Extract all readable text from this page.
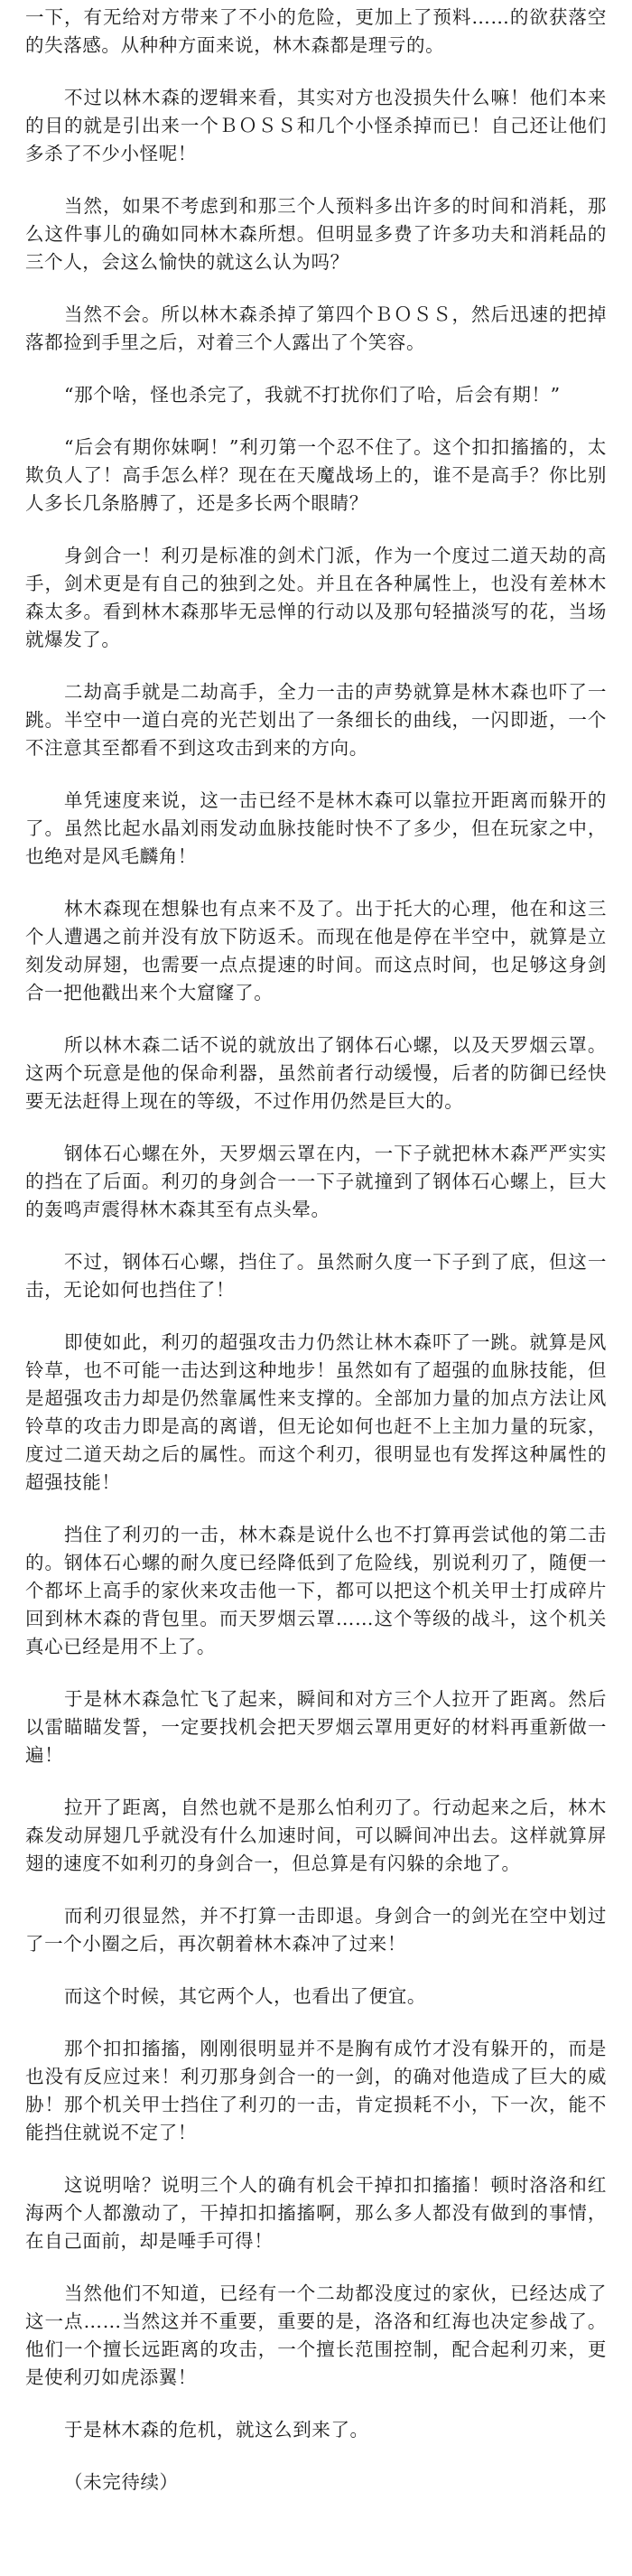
一下，有无给对方带来了不小的危险，更加上了预料……的欲获落空的失落感。从种种方面来说，林木森都是理亏的。

不过以林木森的逻辑来看，其实对方也没损失什么嘛！他们本来的目的就是引出来一个ＢＯＳＳ和几个小怪杀掉而已！自己还让他们多杀了不少小怪呢！

当然，如果不考虑到和那三个人预料多出许多的时间和消耗，那么这件事儿的确如同林木森所想。但明显多费了许多功夫和消耗品的三个人，会这么愉快的就这么认为吗？

当然不会。所以林木森杀掉了第四个ＢＯＳＳ，然后迅速的把掉落都捡到手里之后，对着三个人露出了个笑容。

“那个啥，怪也杀完了，我就不打扰你们了哈，后会有期！”

“后会有期你妹啊！”利刃第一个忍不住了。这个扣扣搐搐的，太欺负人了！高手怎么样？现在在天魔战场上的，谁不是高手？你比别人多长几条胳膊了，还是多长两个眼睛？

身剑合一！利刃是标准的剑术门派，作为一个度过二道天劫的高手，剑术更是有自己的独到之处。并且在各种属性上，也没有差林木森太多。看到林木森那毕无忌惮的行动以及那句轻描淡写的花，当场就爆发了。

二劫高手就是二劫高手，全力一击的声势就算是林木森也吓了一跳。半空中一道白亮的光芒划出了一条细长的曲线，一闪即逝，一个不注意其至都看不到这攻击到来的方向。

单凭速度来说，这一击已经不是林木森可以靠拉开距离而躲开的了。虽然比起水晶刘雨发动血脉技能时快不了多少，但在玩家之中，也绝对是风毛麟角！

林木森现在想躲也有点来不及了。出于托大的心理，他在和这三个人遭遇之前并没有放下防返禾。而现在他是停在半空中，就算是立刻发动屏翅，也需要一点点提速的时间。而这点时间，也足够这身剑合一把他戳出来个大窟窿了。

所以林木森二话不说的就放出了钢体石心螺，以及天罗烟云罩。这两个玩意是他的保命利器，虽然前者行动缓慢，后者的防御已经快要无法赶得上现在的等级，不过作用仍然是巨大的。

钢体石心螺在外，天罗烟云罩在内，一下子就把林木森严严实实的挡在了后面。利刃的身剑合一一下子就撞到了钢体石心螺上，巨大的轰鸣声震得林木森其至有点头晕。

不过，钢体石心螺，挡住了。虽然耐久度一下子到了底，但这一击，无论如何也挡住了！

即使如此，利刃的超强攻击力仍然让林木森吓了一跳。就算是风铃草，也不可能一击达到这种地步！虽然如有了超强的血脉技能，但是超强攻击力却是仍然靠属性来支撑的。全部加力量的加点方法让风铃草的攻击力即是高的离谱，但无论如何也赶不上主加力量的玩家，度过二道天劫之后的属性。而这个利刃，很明显也有发挥这种属性的超强技能！

挡住了利刃的一击，林木森是说什么也不打算再尝试他的第二击的。钢体石心螺的耐久度已经降低到了危险线，别说利刃了，随便一个都坏上高手的家伙来攻击他一下，都可以把这个机关甲士打成碎片回到林木森的背包里。而天罗烟云罩……这个等级的战斗，这个机关真心已经是用不上了。

于是林木森急忙飞了起来，瞬间和对方三个人拉开了距离。然后以雷瞄瞄发誓，一定要找机会把天罗烟云罩用更好的材料再重新做一遍！

拉开了距离，自然也就不是那么怕利刃了。行动起来之后，林木森发动屏翅几乎就没有什么加速时间，可以瞬间冲出去。这样就算屏翅的速度不如利刃的身剑合一，但总算是有闪躲的余地了。

而利刃很显然，并不打算一击即退。身剑合一的剑光在空中划过了一个小圈之后，再次朝着林木森冲了过来！

而这个时候，其它两个人，也看出了便宜。

那个扣扣搐搐，刚刚很明显并不是胸有成竹才没有躲开的，而是也没有反应过来！利刃那身剑合一的一剑，的确对他造成了巨大的威胁！那个机关甲士挡住了利刃的一击，肯定损耗不小，下一次，能不能挡住就说不定了！

这说明啥？说明三个人的确有机会干掉扣扣搐搐！顿时洛洛和红海两个人都激动了，干掉扣扣搐搐啊，那么多人都没有做到的事情，在自己面前，却是唾手可得！

当然他们不知道，已经有一个二劫都没度过的家伙，已经达成了这一点……当然这并不重要，重要的是，洛洛和红海也决定参战了。他们一个擅长远距离的攻击，一个擅长范围控制，配合起利刃来，更是使利刃如虎添翼！

于是林木森的危机，就这么到来了。

（未完待续）
